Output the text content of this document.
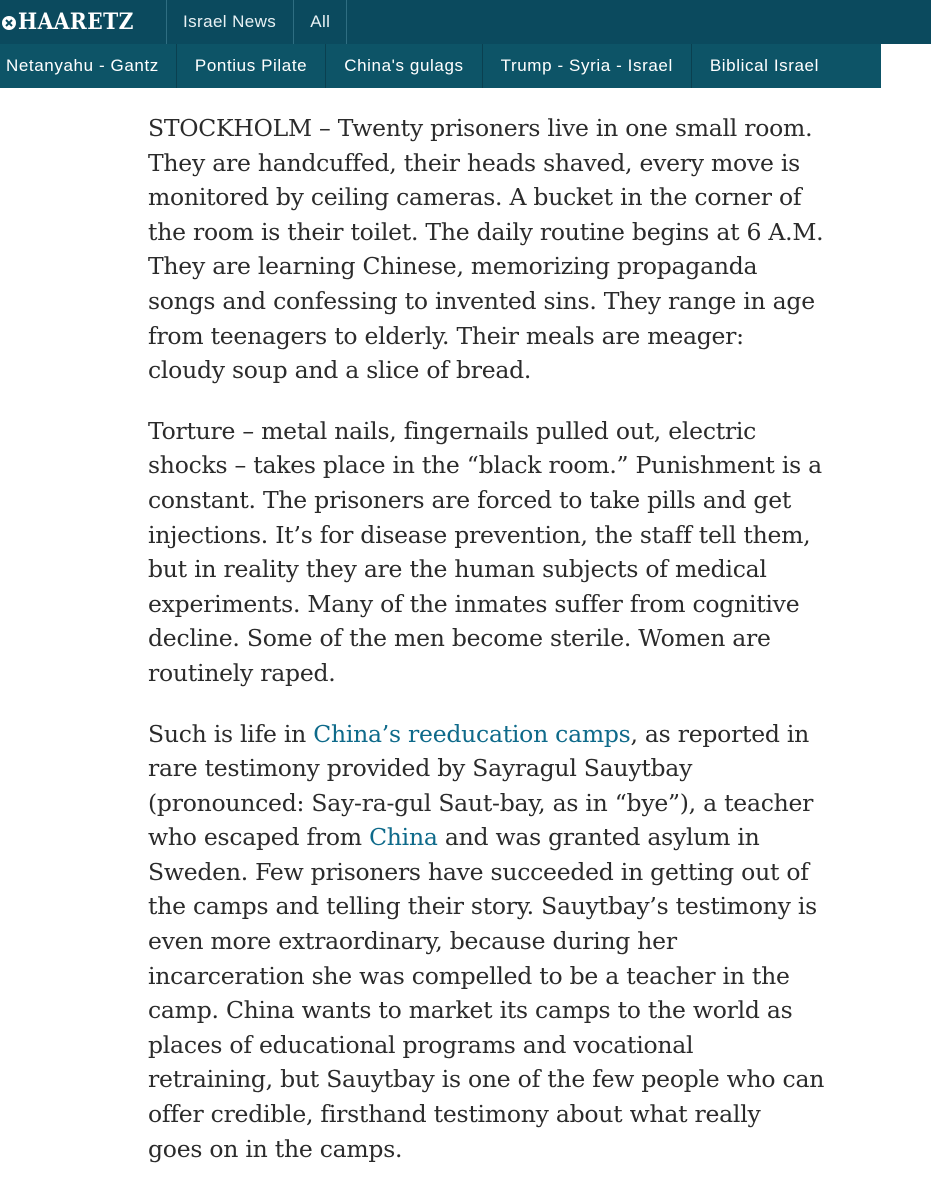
HAARETZ	Israel News	All
Netanyahu - Gantz	Pontius Pilate	China's gulags	Trump - Syria - Israel	Biblical Israel

STOCKHOLM – Twenty prisoners live in one small room.
They are handcuffed, their heads shaved, every move is
monitored by ceiling cameras. A bucket in the corner of
the room is their toilet. The daily routine begins at 6 A.M.
They are learning Chinese, memorizing propaganda
songs and confessing to invented sins. They range in age
from teenagers to elderly. Their meals are meager:
cloudy soup and a slice of bread.

Torture – metal nails, fingernails pulled out, electric
shocks – takes place in the “black room.” Punishment is a
constant. The prisoners are forced to take pills and get
injections. It’s for disease prevention, the staff tell them,
but in reality they are the human subjects of medical
experiments. Many of the inmates suffer from cognitive
decline. Some of the men become sterile. Women are
routinely raped.

Such is life in China’s reeducation camps, as reported in
rare testimony provided by Sayragul Sauytbay
(pronounced: Say-ra-gul Saut-bay, as in “bye”), a teacher
who escaped from China and was granted asylum in
Sweden. Few prisoners have succeeded in getting out of
the camps and telling their story. Sauytbay’s testimony is
even more extraordinary, because during her
incarceration she was compelled to be a teacher in the
camp. China wants to market its camps to the world as
places of educational programs and vocational
retraining, but Sauytbay is one of the few people who can
offer credible, firsthand testimony about what really
goes on in the camps.
